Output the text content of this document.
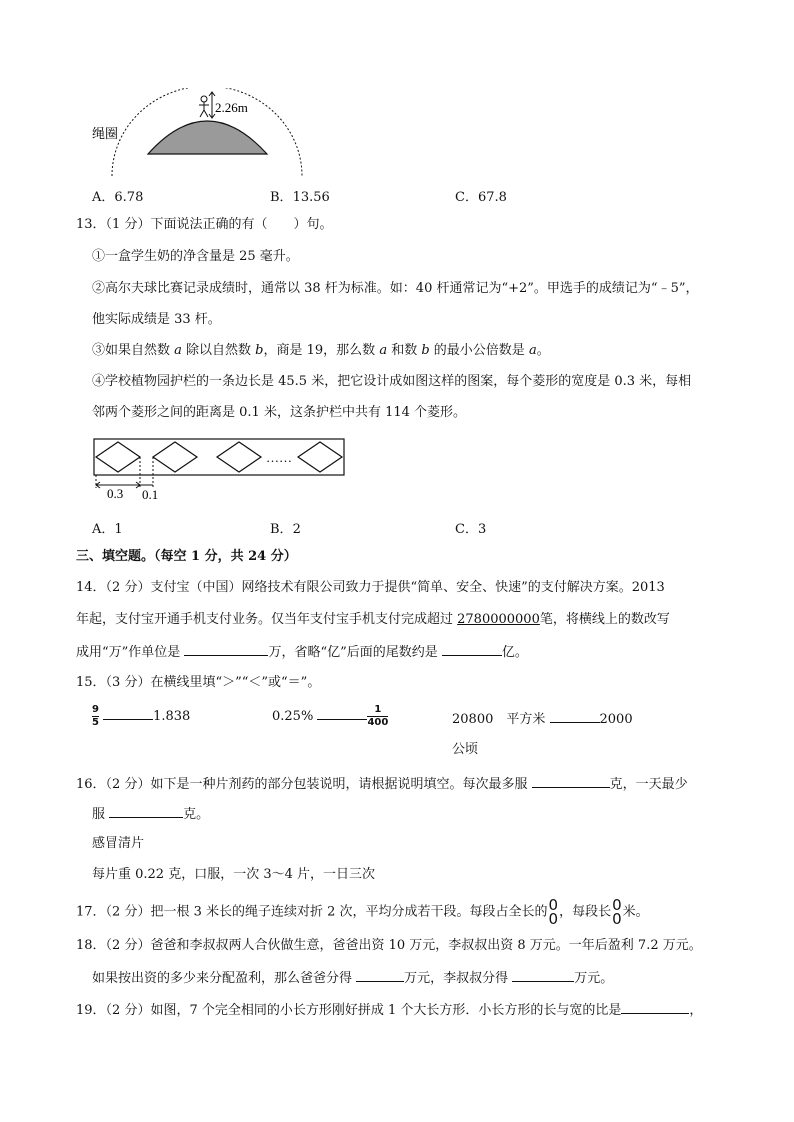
2.26m
绳圈
A．6.78	B．13.56	C．67.8
13．（1 分）下面说法正确的有（　　）句。
①一盒学生奶的净含量是 25 毫升。
②高尔夫球比赛记录成绩时，通常以 38 杆为标准。如：40 杆通常记为“+2”。甲选手的成绩记为“﹣5”，
他实际成绩是 33 杆。
③如果自然数 a 除以自然数 b，商是 19，那么数 a 和数 b 的最小公倍数是 a。
④学校植物园护栏的一条边长是 45.5 米，把它设计成如图这样的图案，每个菱形的宽度是 0.3 米，每相
邻两个菱形之间的距离是 0.1 米，这条护栏中共有 114 个菱形。
……
0.3 0.1
A．1	B．2	C．3
三、填空题。（每空 1 分，共 24 分）
14．（2 分）支付宝（中国）网络技术有限公司致力于提供“简单、安全、快速”的支付解决方案。2013
年起，支付宝开通手机支付业务。仅当年支付宝手机支付完成超过 2780000000笔，将横线上的数改写
成用“万”作单位是	万，省略“亿”后面的尾数约是	亿。
15．（3 分）在横线里填“＞”“＜”或“＝”。
$\frac{9}{5}$	1.838	0.25%	$\frac{1}{400}$	20800　平方米	2000
公顷
16．（2 分）如下是一种片剂药的部分包装说明，请根据说明填空。每次最多服	克，一天最少
服	克。
感冒清片
每片重 0.22 克，口服，一次 3～4 片，一日三次
17．（2 分）把一根 3 米长的绳子连续对折 2 次，平均分成若干段。每段占全长的 0
0 ，每段长 0
0 米。
18．（2 分）爸爸和李叔叔两人合伙做生意，爸爸出资 10 万元，李叔叔出资 8 万元。一年后盈利 7.2 万元。
如果按出资的多少来分配盈利，那么爸爸分得	万元，李叔叔分得	万元。
19．（2 分）如图，7 个完全相同的小长方形刚好拼成 1 个大长方形．小长方形的长与宽的比是	，
